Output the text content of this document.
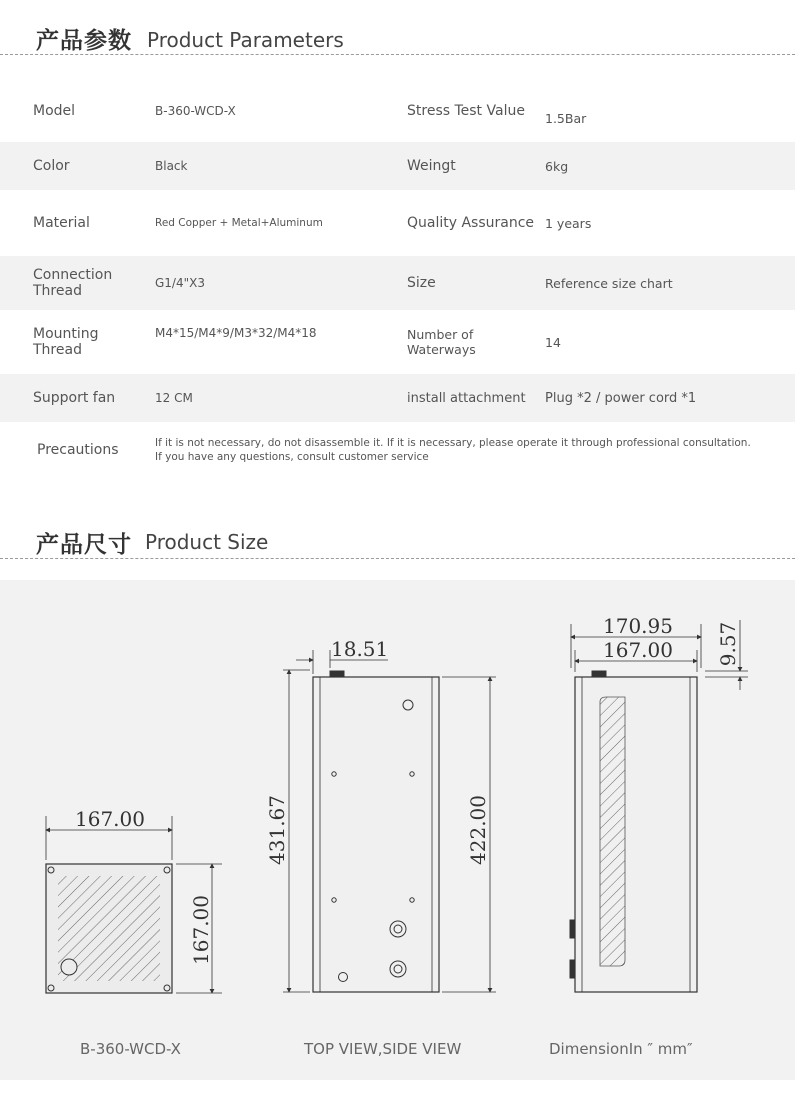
产品参数 Product Parameters
Model	B-360-WCD-X	Stress Test Value	1.5Bar
Color	Black	Weingt	6kg
Material	Red Copper + Metal+Aluminum	Quality Assurance	1 years
Connection Thread	G1/4"X3	Size	Reference size chart
Mounting Thread	M4*15/M4*9/M3*32/M4*18	Number of Waterways	14
Support fan	12 CM	install attachment	Plug *2 / power cord *1
Precautions	If it is not necessary, do not disassemble it. If it is necessary, please operate it through professional consultation.
If you have any questions, consult customer service		
产品尺寸 Product Size
167.00
167.00
18.51
431.67	422.00
170.95
167.00 9.57
B-360-WCD-X	TOP VIEW,SIDE VIEW	DimensionIn ″ mm″
